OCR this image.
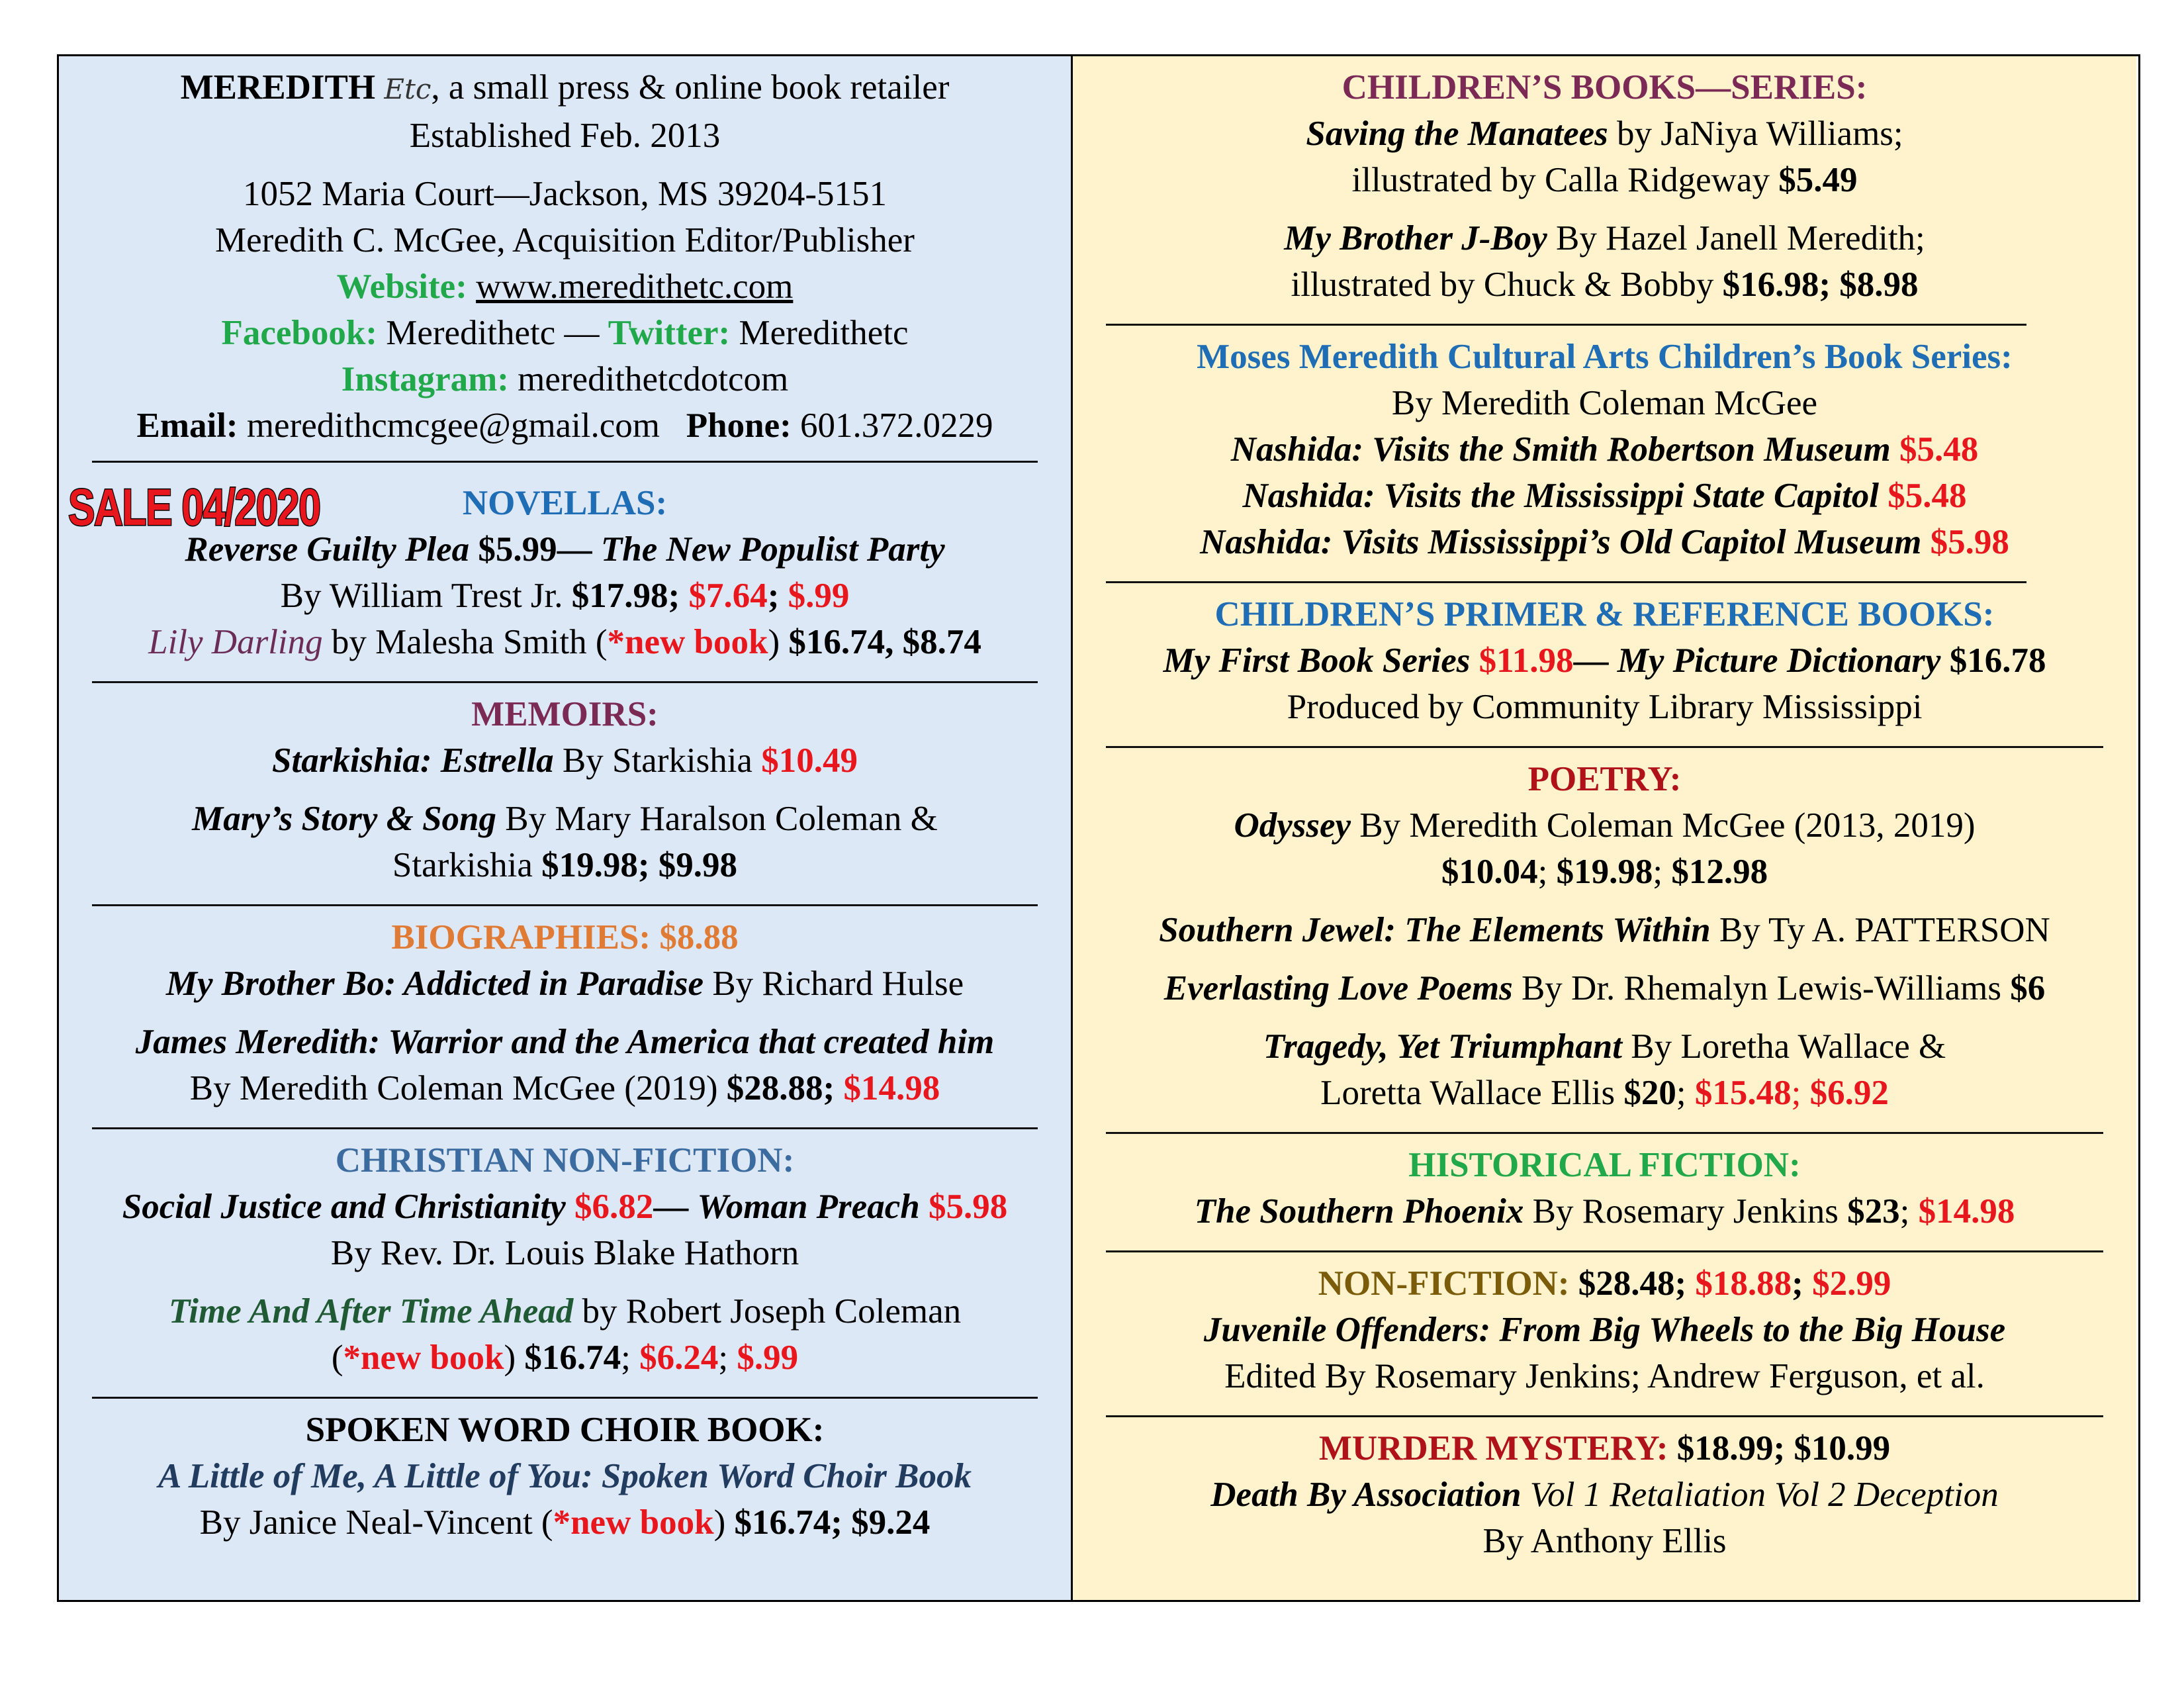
MEREDITH Etc, a small press & online book retailer

Established Feb. 2013

1052 Maria Court—Jackson, MS 39204-5151

Meredith C. McGee, Acquisition Editor/Publisher

Website: www.meredithetc.com

Facebook: Meredithetc — Twitter: Meredithetc

Instagram: meredithetcdotcom

Email: meredithcmcgee@gmail.com Phone: 601.372.0229

SALE 04/2020	NOVELLAS:

Reverse Guilty Plea $5.99— The New Populist Party

By William Trest Jr. $17.98; $7.64; $.99

Lily Darling by Malesha Smith (*new book) $16.74, $8.74

MEMOIRS:

Starkishia: Estrella By Starkishia $10.49

Mary’s Story & Song By Mary Haralson Coleman &

Starkishia $19.98; $9.98

BIOGRAPHIES: $8.88

My Brother Bo: Addicted in Paradise By Richard Hulse

James Meredith: Warrior and the America that created him

By Meredith Coleman McGee (2019) $28.88; $14.98

CHRISTIAN NON-FICTION:

Social Justice and Christianity $6.82— Woman Preach $5.98

By Rev. Dr. Louis Blake Hathorn

Time And After Time Ahead by Robert Joseph Coleman

(*new book) $16.74; $6.24; $.99

SPOKEN WORD CHOIR BOOK:

A Little of Me, A Little of You: Spoken Word Choir Book

By Janice Neal-Vincent (*new book) $16.74; $9.24

CHILDREN’S BOOKS—SERIES:

Saving the Manatees by JaNiya Williams;

illustrated by Calla Ridgeway $5.49

My Brother J-Boy By Hazel Janell Meredith;

illustrated by Chuck & Bobby $16.98; $8.98

Moses Meredith Cultural Arts Children’s Book Series:

By Meredith Coleman McGee

Nashida: Visits the Smith Robertson Museum $5.48

Nashida: Visits the Mississippi State Capitol $5.48

Nashida: Visits Mississippi’s Old Capitol Museum $5.98

CHILDREN’S PRIMER & REFERENCE BOOKS:

My First Book Series $11.98— My Picture Dictionary $16.78

Produced by Community Library Mississippi

POETRY:

Odyssey By Meredith Coleman McGee (2013, 2019)

$10.04; $19.98; $12.98

Southern Jewel: The Elements Within By Ty A. PATTERSON

Everlasting Love Poems By Dr. Rhemalyn Lewis-Williams $6

Tragedy, Yet Triumphant By Loretha Wallace &

Loretta Wallace Ellis $20; $15.48; $6.92

HISTORICAL FICTION:

The Southern Phoenix By Rosemary Jenkins $23; $14.98

NON-FICTION: $28.48; $18.88; $2.99

Juvenile Offenders: From Big Wheels to the Big House

Edited By Rosemary Jenkins; Andrew Ferguson, et al.

MURDER MYSTERY: $18.99; $10.99

Death By Association Vol 1 Retaliation Vol 2 Deception

By Anthony Ellis
